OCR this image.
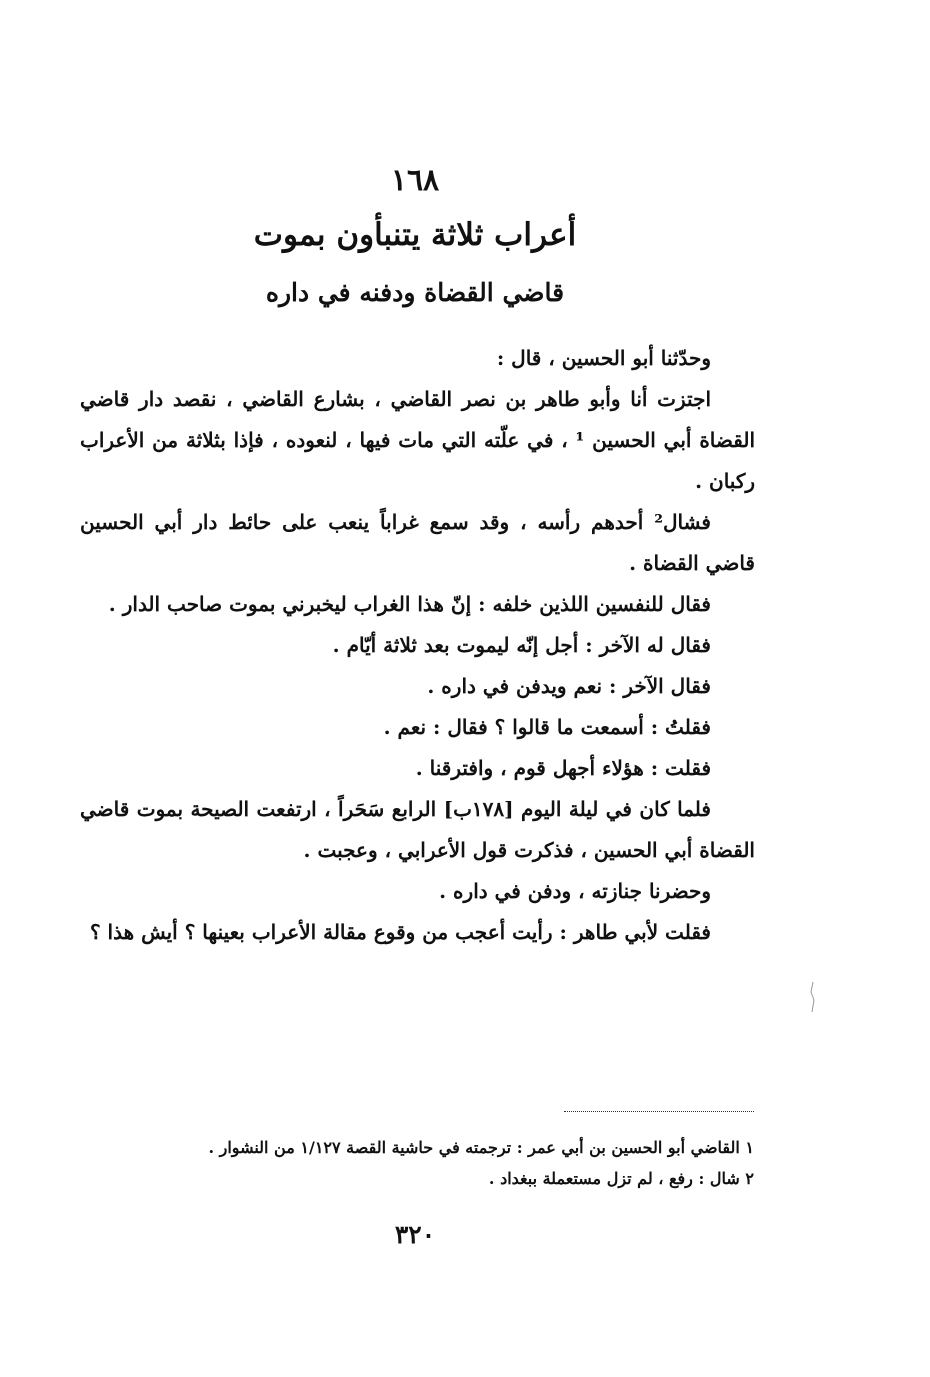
١٦٨
أعراب ثلاثة يتنبأون بموت
قاضي القضاة ودفنه في داره

وحدّثنا أبو الحسين ، قال :

اجتزت أنا وأبو طاهر بن نصر القاضي ، بشارع القاضي ، نقصد دار قاضي القضاة أبي الحسين ¹ ، في علّته التي مات فيها ، لنعوده ، فإذا بثلاثة من الأعراب ركبان .

فشال² أحدهم رأسه ، وقد سمع غراباً ينعب على حائط دار أبي الحسين قاضي القضاة .

فقال للنفسين اللذين خلفه : إنّ هذا الغراب ليخبرني بموت صاحب الدار .

فقال له الآخر : أجل إنّه ليموت بعد ثلاثة أيّام .

فقال الآخر : نعم ويدفن في داره .

فقلتُ : أسمعت ما قالوا ؟ فقال : نعم .

فقلت : هؤلاء أجهل قوم ، وافترقنا .

فلما كان في ليلة اليوم [١٧٨ب] الرابع سَحَراً ، ارتفعت الصيحة بموت قاضي القضاة أبي الحسين ، فذكرت قول الأعرابي ، وعجبت .

وحضرنا جنازته ، ودفن في داره .

فقلت لأبي طاهر : رأيت أعجب من وقوع مقالة الأعراب بعينها ؟ أيش هذا ؟

١ القاضي أبو الحسين بن أبي عمر : ترجمته في حاشية القصة ١/١٢٧ من النشوار .

٢ شال : رفع ، لم تزل مستعملة ببغداد .

٣٢٠
